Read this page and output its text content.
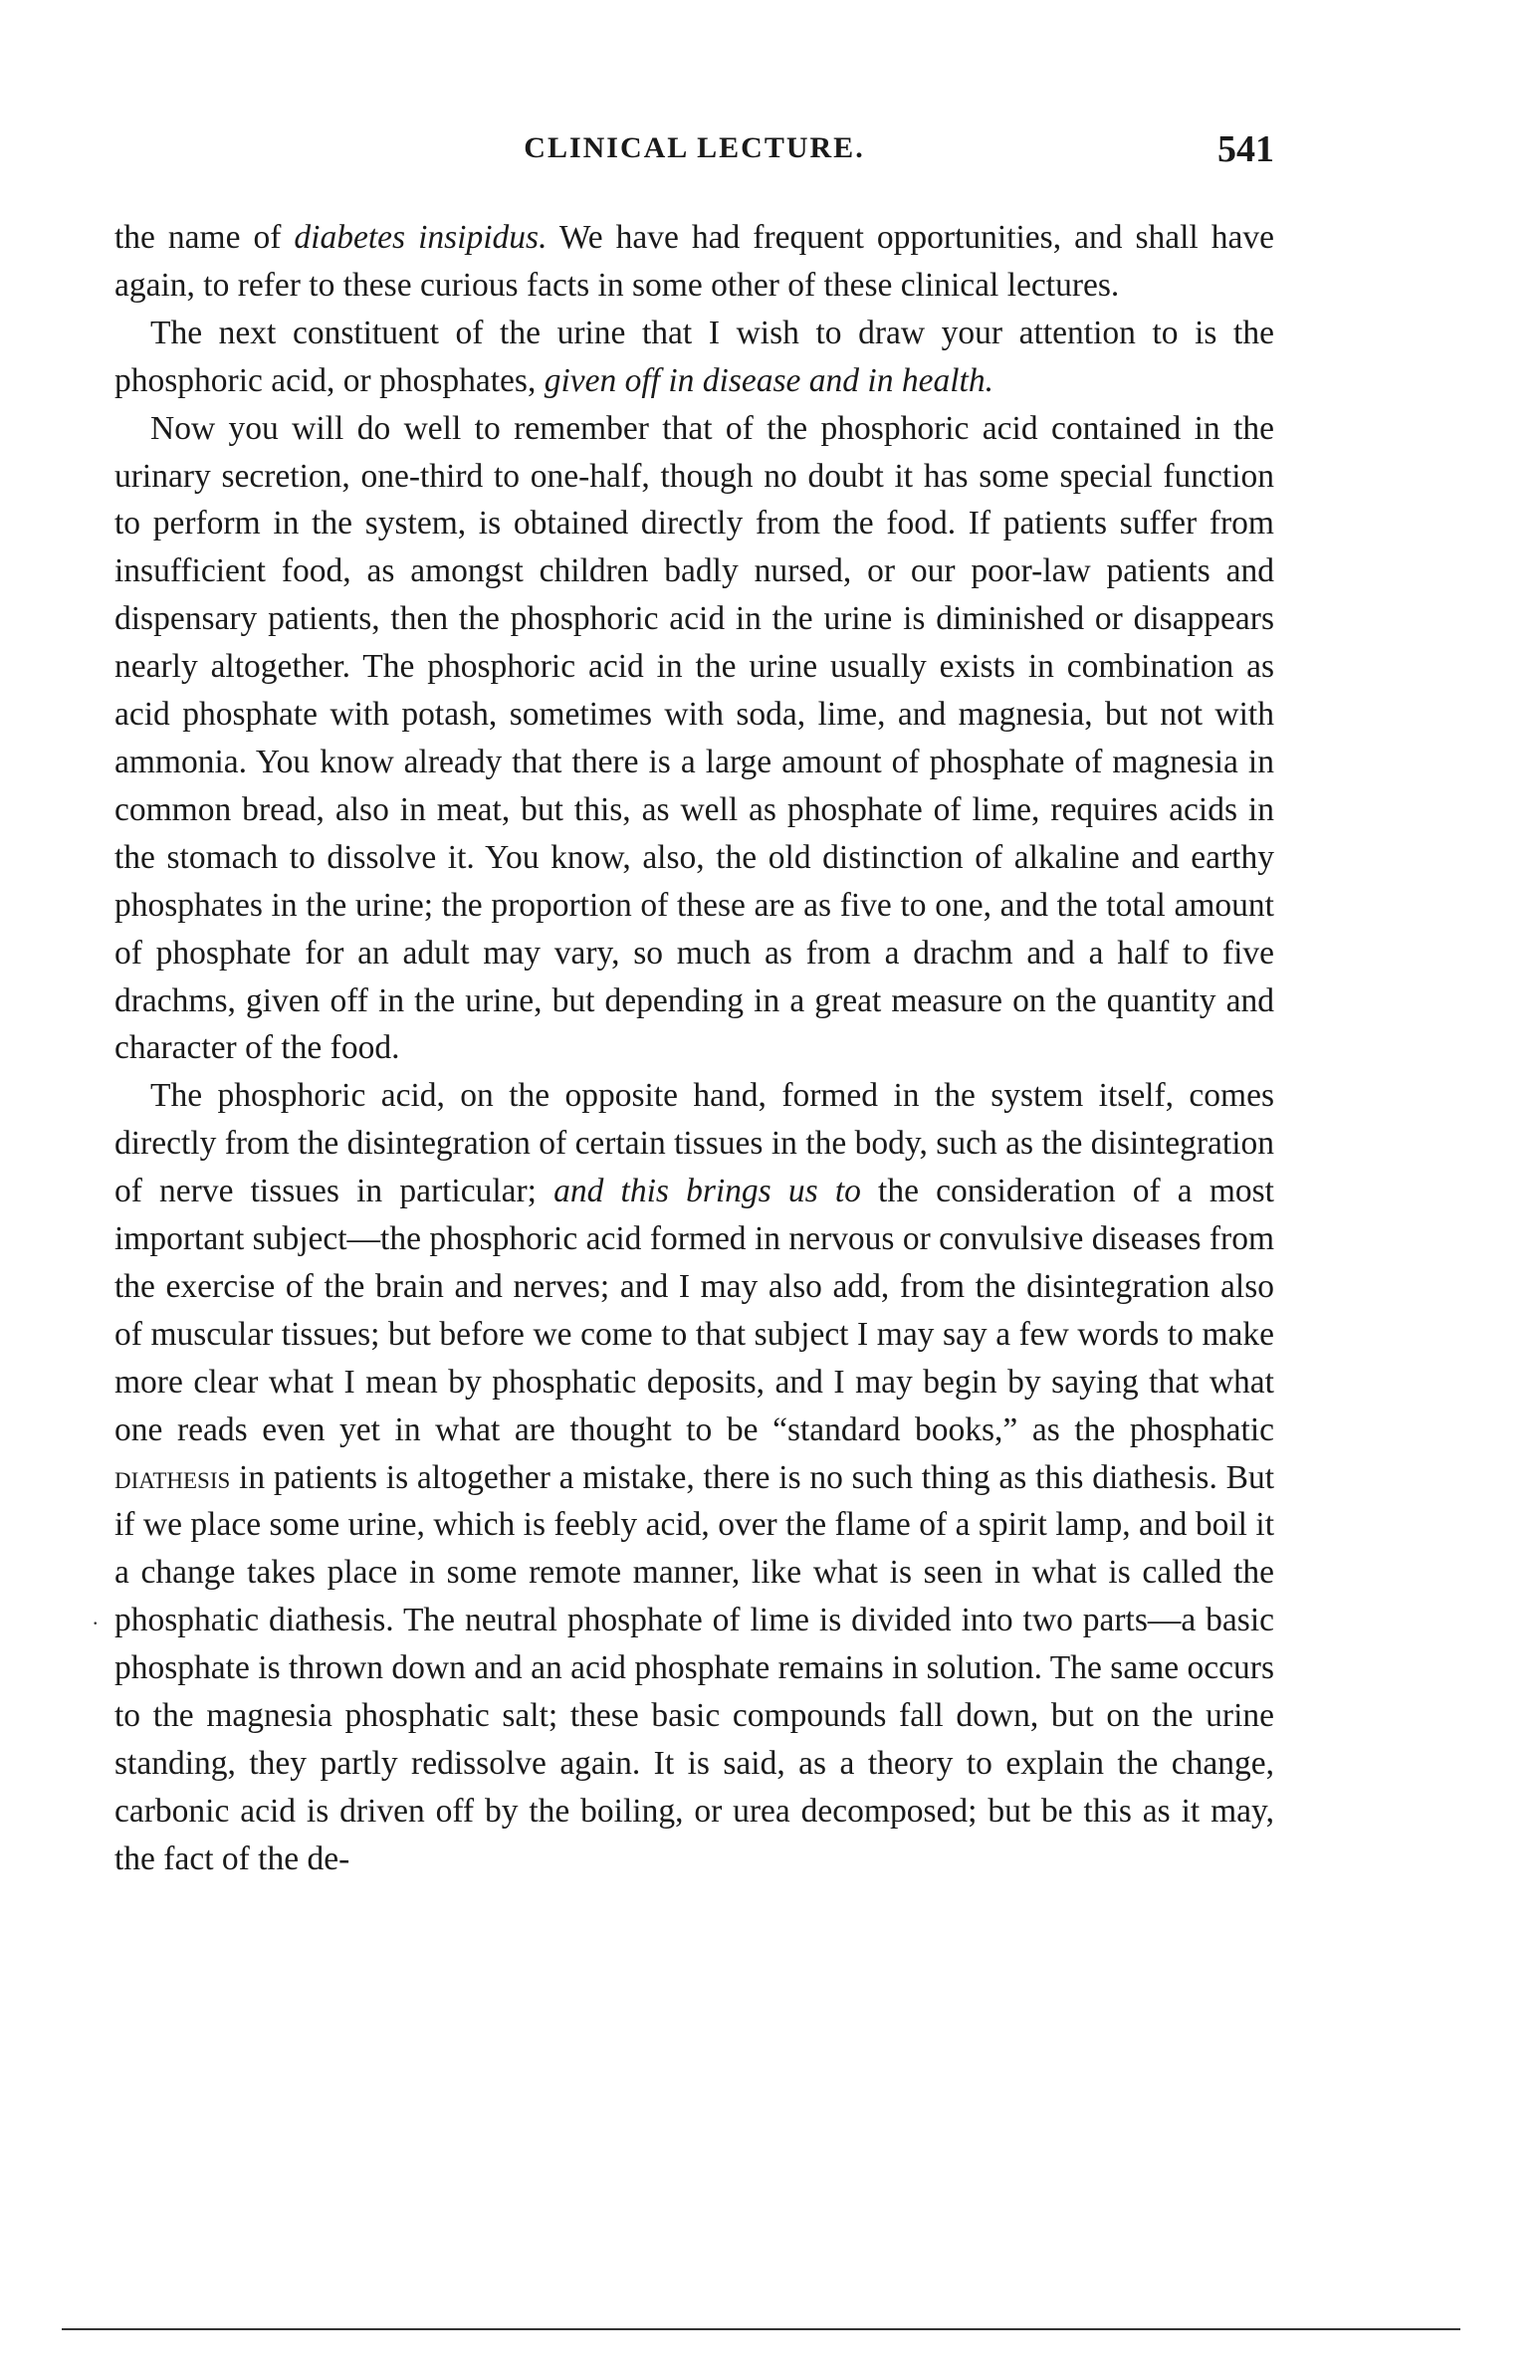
CLINICAL LECTURE.	541

the name of diabetes insipidus. We have had frequent opportunities, and shall have again, to refer to these curious facts in some other of these clinical lectures.

The next constituent of the urine that I wish to draw your attention to is the phosphoric acid, or phosphates, given off in disease and in health.

Now you will do well to remember that of the phosphoric acid contained in the urinary secretion, one-third to one-half, though no doubt it has some special function to perform in the system, is obtained directly from the food. If patients suffer from insufficient food, as amongst children badly nursed, or our poor-law patients and dispensary patients, then the phosphoric acid in the urine is diminished or disappears nearly altogether. The phosphoric acid in the urine usually exists in combination as acid phosphate with potash, sometimes with soda, lime, and magnesia, but not with ammonia. You know already that there is a large amount of phosphate of magnesia in common bread, also in meat, but this, as well as phosphate of lime, requires acids in the stomach to dissolve it. You know, also, the old distinction of alkaline and earthy phosphates in the urine; the proportion of these are as five to one, and the total amount of phosphate for an adult may vary, so much as from a drachm and a half to five drachms, given off in the urine, but depending in a great measure on the quantity and character of the food.

The phosphoric acid, on the opposite hand, formed in the system itself, comes directly from the disintegration of certain tissues in the body, such as the disintegration of nerve tissues in particular; and this brings us to the consideration of a most important subject—the phosphoric acid formed in nervous or convulsive diseases from the exercise of the brain and nerves; and I may also add, from the disintegration also of muscular tissues; but before we come to that subject I may say a few words to make more clear what I mean by phosphatic deposits, and I may begin by saying that what one reads even yet in what are thought to be “standard books,” as the phosphatic diathesis in patients is altogether a mistake, there is no such thing as this diathesis. But if we place some urine, which is feebly acid, over the flame of a spirit lamp, and boil it a change takes place in some remote manner, like what is seen in what is called the phosphatic diathesis. The neutral phosphate of lime is divided into two parts—a basic phosphate is thrown down and an acid phosphate remains in solution. The same occurs to the magnesia phosphatic salt; these basic compounds fall down, but on the urine standing, they partly redissolve again. It is said, as a theory to explain the change, carbonic acid is driven off by the boiling, or urea decomposed; but be this as it may, the fact of the de-

.
